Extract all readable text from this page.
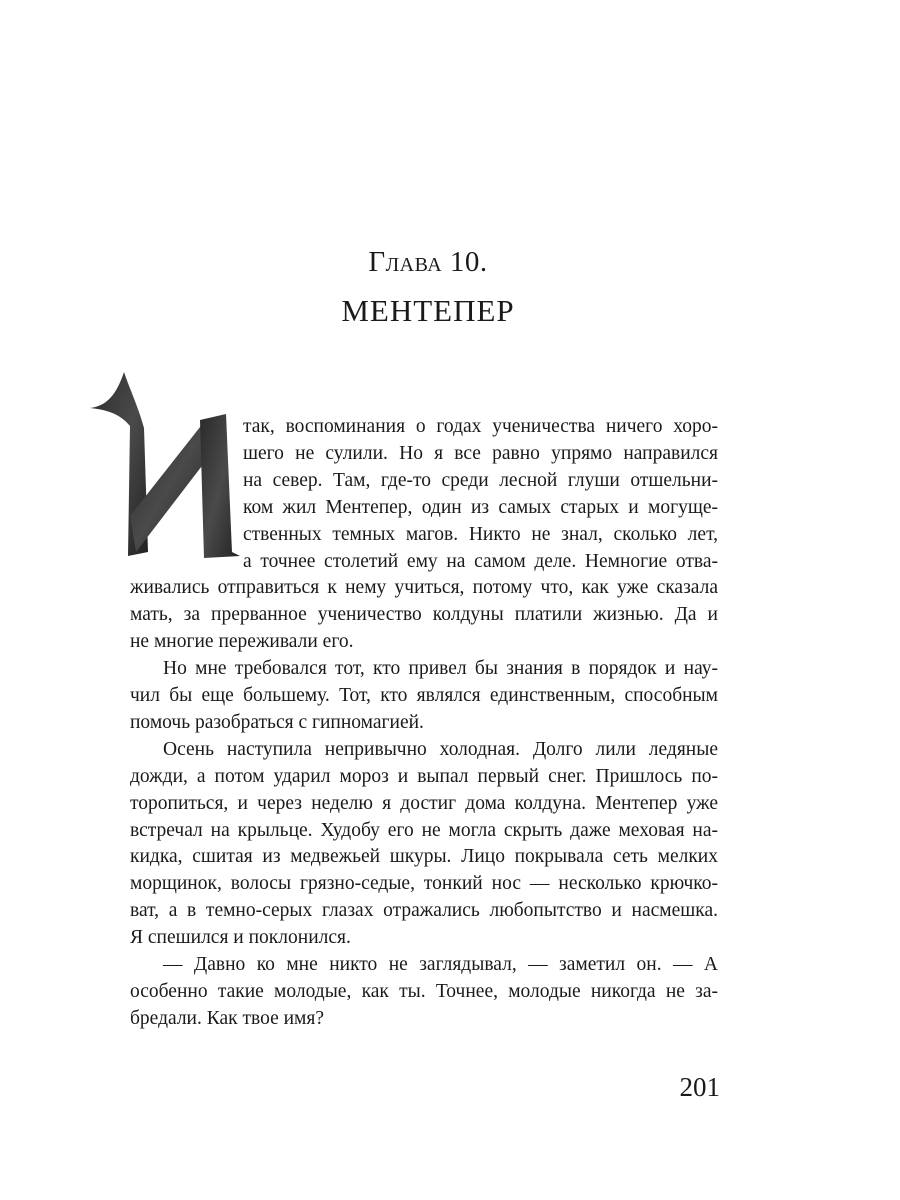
Глава 10.
МЕНТЕПЕР
так, воспоминания о годах ученичества ничего хоро-
шего не сулили. Но я все равно упрямо направился
на север. Там, где-то среди лесной глуши отшельни-
ком жил Ментепер, один из самых старых и могуще-
ственных темных магов. Никто не знал, сколько лет,
а точнее столетий ему на самом деле. Немногие отва-
живались отправиться к нему учиться, потому что, как уже сказала
мать, за прерванное ученичество колдуны платили жизнью. Да и
не многие переживали его.
Но мне требовался тот, кто привел бы знания в порядок и нау-
чил бы еще большему. Тот, кто являлся единственным, способным
помочь разобраться с гипномагией.
Осень наступила непривычно холодная. Долго лили ледяные
дожди, а потом ударил мороз и выпал первый снег. Пришлось по-
торопиться, и через неделю я достиг дома колдуна. Ментепер уже
встречал на крыльце. Худобу его не могла скрыть даже меховая на-
кидка, сшитая из медвежьей шкуры. Лицо покрывала сеть мелких
морщинок, волосы грязно-седые, тонкий нос — несколько крючко-
ват, а в темно-серых глазах отражались любопытство и насмешка.
Я спешился и поклонился.
— Давно ко мне никто не заглядывал, — заметил он. — А
особенно такие молодые, как ты. Точнее, молодые никогда не за-
бредали. Как твое имя?
201
